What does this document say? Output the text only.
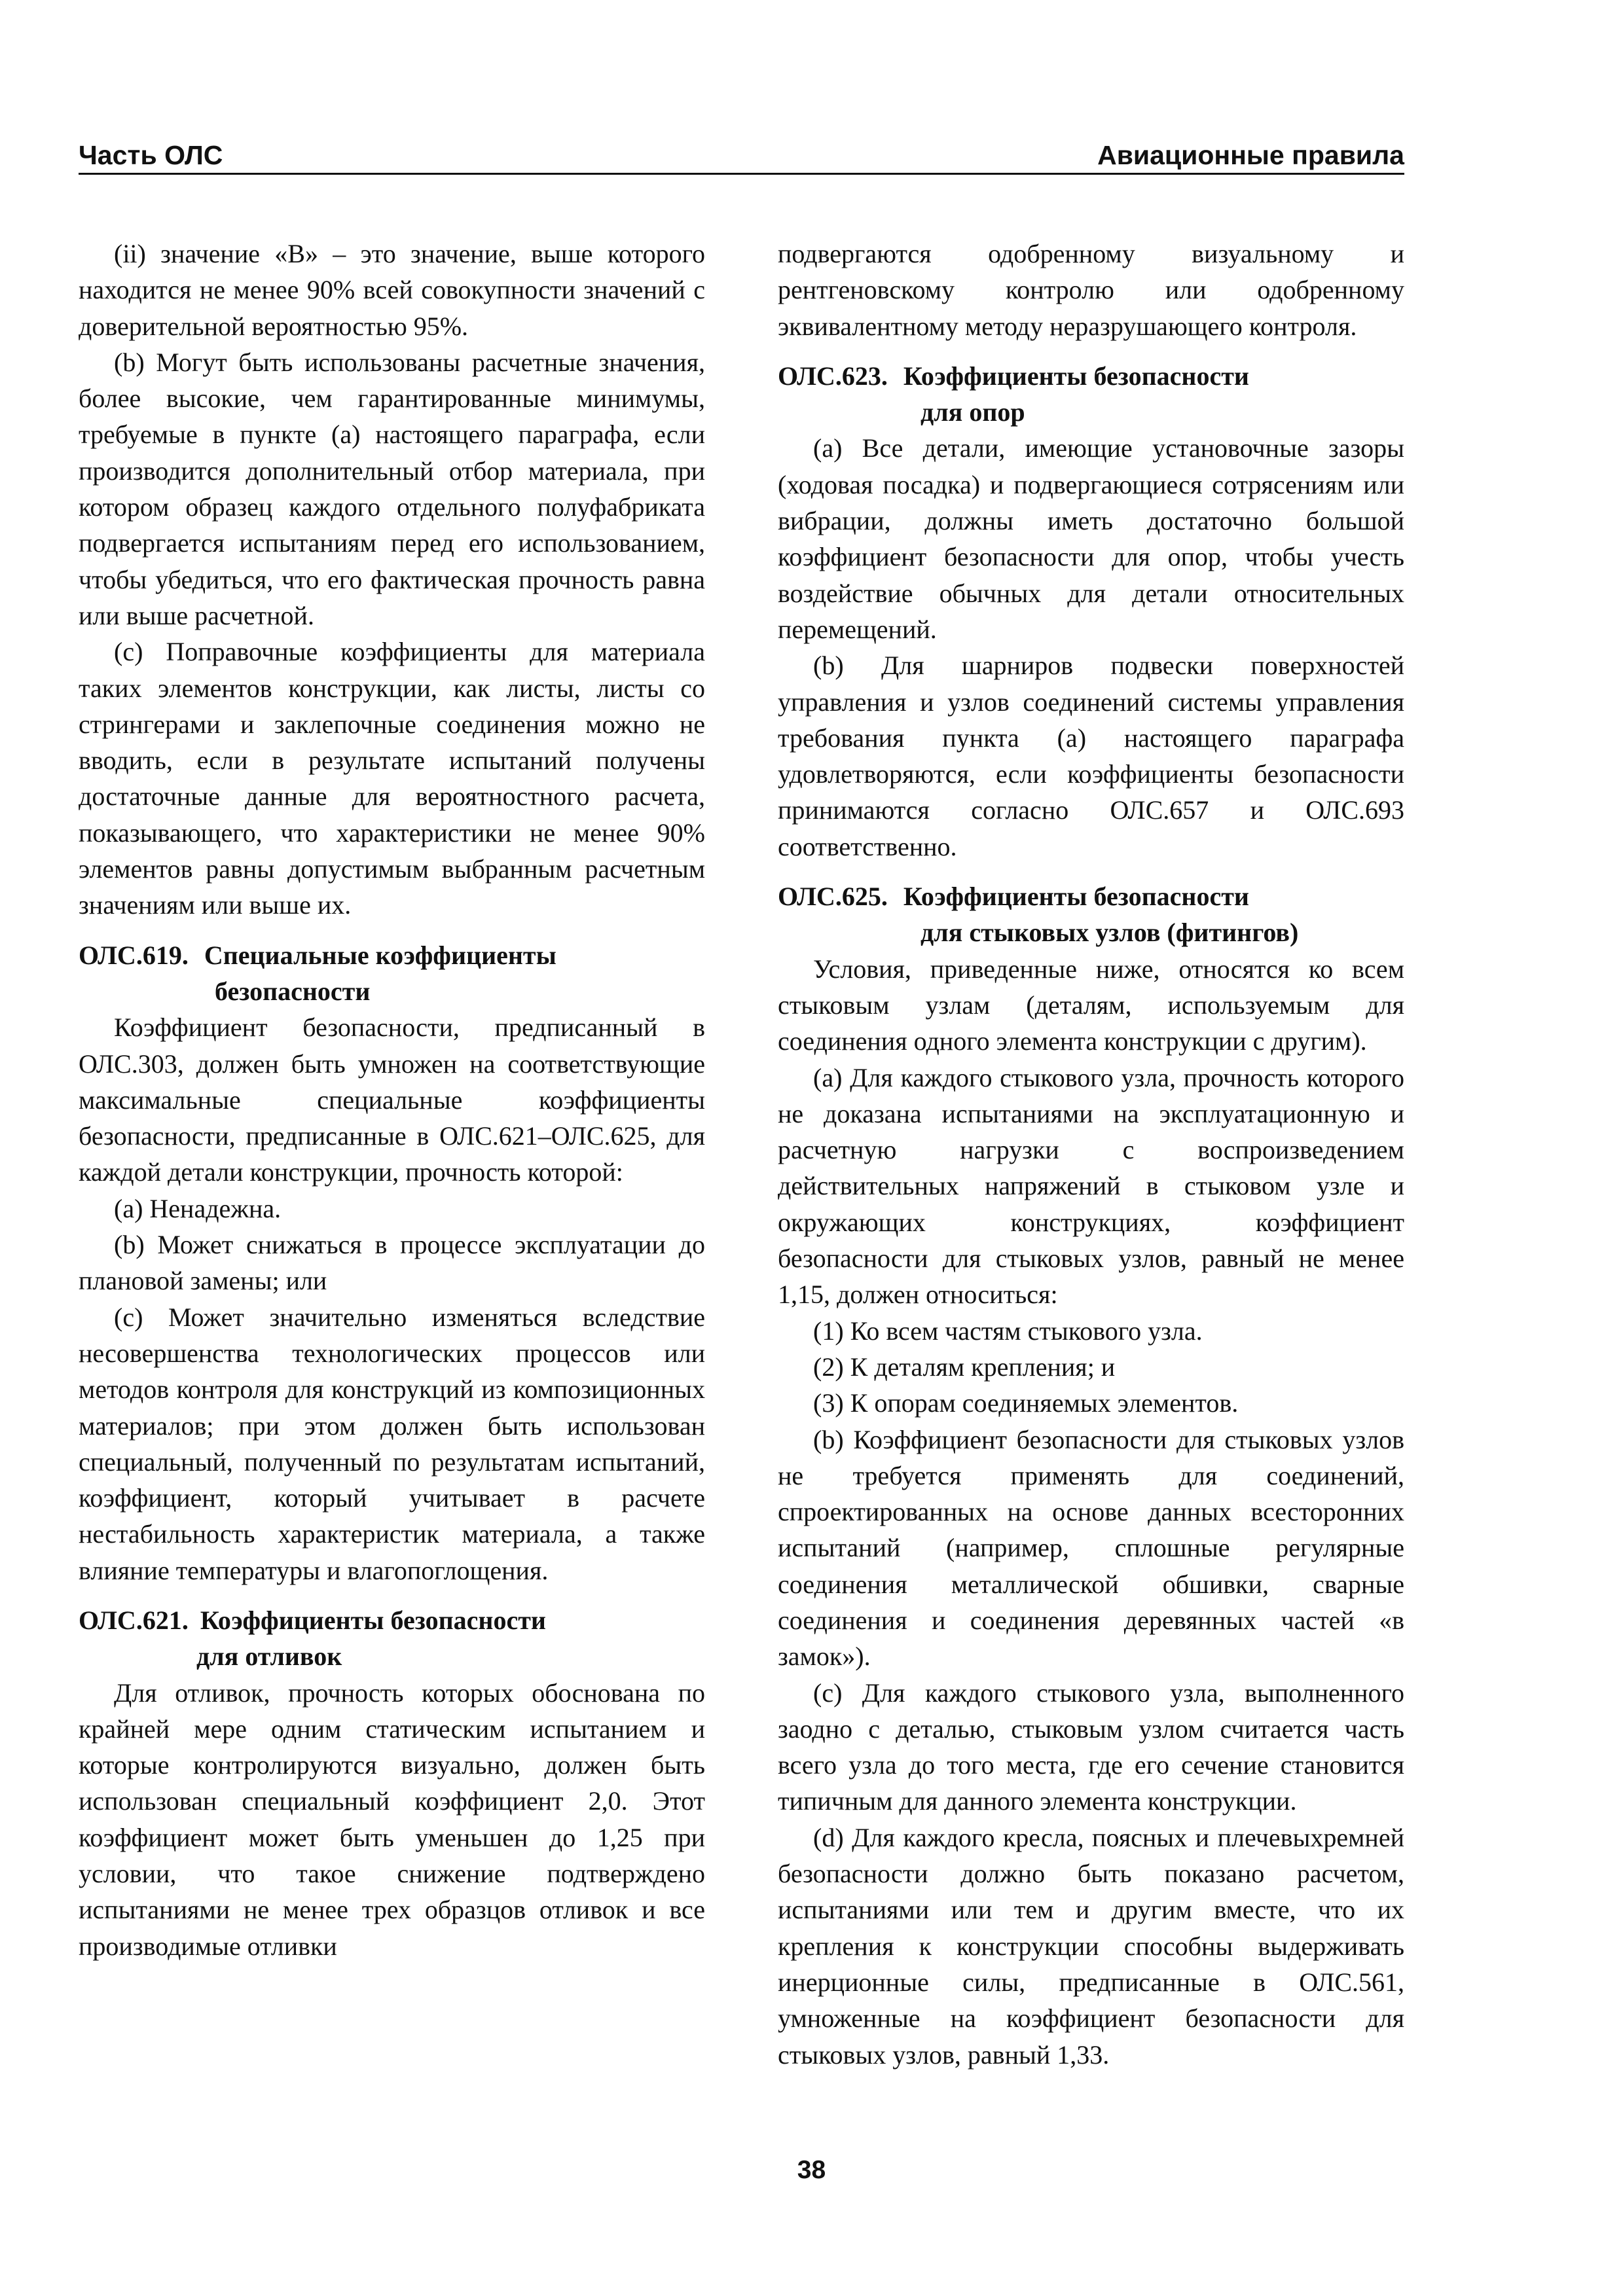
Часть ОЛС	Авиационные правила

(ii) значение «B» – это значение, выше которого находится не менее 90% всей совокупности значений с доверительной вероятностью 95%.

(b) Могут быть использованы расчетные значения, более высокие, чем гарантированные минимумы, требуемые в пункте (а) настоящего параграфа, если производится дополнительный отбор материала, при котором образец каждого отдельного полуфабриката подвергается испытаниям перед его использованием, чтобы убедиться, что его фактическая прочность равна или выше расчетной.

(c) Поправочные коэффициенты для материала таких элементов конструкции, как листы, листы со стрингерами и заклепочные соединения можно не вводить, если в результате испытаний получены достаточные данные для вероятностного расчета, показывающего, что характеристики не менее 90% элементов равны допустимым выбранным расчетным значениям или выше их.

ОЛС.619. Специальные коэффициенты
безопасности

Коэффициент безопасности, предписанный в ОЛС.303, должен быть умножен на соответствующие максимальные специальные коэффициенты безопасности, предписанные в ОЛС.621–ОЛС.625, для каждой детали конструкции, прочность которой:

(a) Ненадежна.

(b) Может снижаться в процессе эксплуатации до плановой замены; или

(c) Может значительно изменяться вследствие несовершенства технологических процессов или методов контроля для конструкций из композиционных материалов; при этом должен быть использован специальный, полученный по результатам испытаний, коэффициент, который учитывает в расчете нестабильность характеристик материала, а также влияние температуры и влагопоглощения.

ОЛС.621. Коэффициенты безопасности
для отливок

Для отливок, прочность которых обоснована по крайней мере одним статическим испытанием и которые контролируются визуально, должен быть использован специальный коэффициент 2,0. Этот коэффициент может быть уменьшен до 1,25 при условии, что такое снижение подтверждено испытаниями не менее трех образцов отливок и все производимые отливки

подвергаются одобренному визуальному и рентгеновскому контролю или одобренному эквивалентному методу неразрушающего контроля.

ОЛС.623. Коэффициенты безопасности
для опор

(a) Все детали, имеющие установочные зазоры (ходовая посадка) и подвергающиеся сотрясениям или вибрации, должны иметь достаточно большой коэффициент безопасности для опор, чтобы учесть воздействие обычных для детали относительных перемещений.

(b) Для шарниров подвески поверхностей управления и узлов соединений системы управления требования пункта (а) настоящего параграфа удовлетворяются, если коэффициенты безопасности принимаются согласно ОЛС.657 и ОЛС.693 соответственно.

ОЛС.625. Коэффициенты безопасности
для стыковых узлов (фитингов)

Условия, приведенные ниже, относятся ко всем стыковым узлам (деталям, используемым для соединения одного элемента конструкции с другим).

(a) Для каждого стыкового узла, прочность которого не доказана испытаниями на эксплуатационную и расчетную нагрузки с воспроизведением действительных напряжений в стыковом узле и окружающих конструкциях, коэффициент безопасности для стыковых узлов, равный не менее 1,15, должен относиться:

(1) Ко всем частям стыкового узла.

(2) К деталям крепления; и

(3) К опорам соединяемых элементов.

(b) Коэффициент безопасности для стыковых узлов не требуется применять для соединений, спроектированных на основе данных всесторонних испытаний (например, сплошные регулярные соединения металлической обшивки, сварные соединения и соединения деревянных частей «в замок»).

(c) Для каждого стыкового узла, выполненного заодно с деталью, стыковым узлом считается часть всего узла до того места, где его сечение становится типичным для данного элемента конструкции.

(d) Для каждого кресла, поясных и плечевыхремней безопасности должно быть показано расчетом, испытаниями или тем и другим вместе, что их крепления к конструкции способны выдерживать инерционные силы, предписанные в ОЛС.561, умноженные на коэффициент безопасности для стыковых узлов, равный 1,33.

38
